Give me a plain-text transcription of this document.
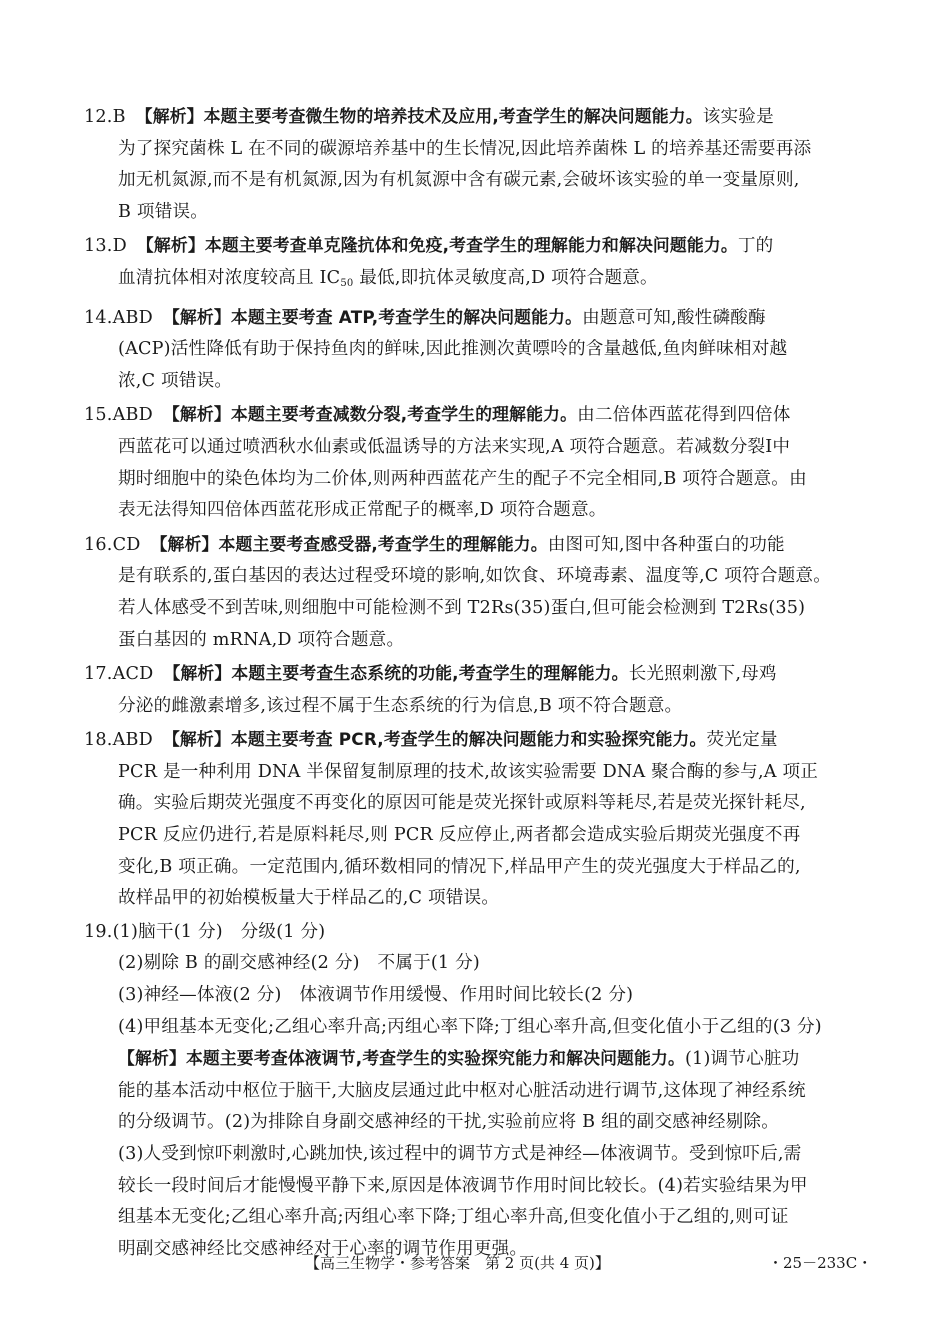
12.B 【解析】本题主要考查微生物的培养技术及应用,考查学生的解决问题能力。该实验是
为了探究菌株 L 在不同的碳源培养基中的生长情况,因此培养菌株 L 的培养基还需要再添
加无机氮源,而不是有机氮源,因为有机氮源中含有碳元素,会破坏该实验的单一变量原则,
B 项错误。
13.D 【解析】本题主要考查单克隆抗体和免疫,考查学生的理解能力和解决问题能力。丁的
血清抗体相对浓度较高且 $IC_{50}$ 最低,即抗体灵敏度高,D 项符合题意。
14.ABD 【解析】本题主要考查 ATP,考查学生的解决问题能力。由题意可知,酸性磷酸酶
(ACP)活性降低有助于保持鱼肉的鲜味,因此推测次黄嘌呤的含量越低,鱼肉鲜味相对越
浓,C 项错误。
15.ABD 【解析】本题主要考查减数分裂,考查学生的理解能力。由二倍体西蓝花得到四倍体
西蓝花可以通过喷洒秋水仙素或低温诱导的方法来实现,A 项符合题意。若减数分裂Ⅰ中
期时细胞中的染色体均为二价体,则两种西蓝花产生的配子不完全相同,B 项符合题意。由
表无法得知四倍体西蓝花形成正常配子的概率,D 项符合题意。
16.CD 【解析】本题主要考查感受器,考查学生的理解能力。由图可知,图中各种蛋白的功能
是有联系的,蛋白基因的表达过程受环境的影响,如饮食、环境毒素、温度等,C 项符合题意。
若人体感受不到苦味,则细胞中可能检测不到 T2Rs(35)蛋白,但可能会检测到 T2Rs(35)
蛋白基因的 mRNA,D 项符合题意。
17.ACD 【解析】本题主要考查生态系统的功能,考查学生的理解能力。长光照刺激下,母鸡
分泌的雌激素增多,该过程不属于生态系统的行为信息,B 项不符合题意。
18.ABD 【解析】本题主要考查 PCR,考查学生的解决问题能力和实验探究能力。荧光定量
PCR 是一种利用 DNA 半保留复制原理的技术,故该实验需要 DNA 聚合酶的参与,A 项正
确。实验后期荧光强度不再变化的原因可能是荧光探针或原料等耗尽,若是荧光探针耗尽,
PCR 反应仍进行,若是原料耗尽,则 PCR 反应停止,两者都会造成实验后期荧光强度不再
变化,B 项正确。一定范围内,循环数相同的情况下,样品甲产生的荧光强度大于样品乙的,
故样品甲的初始模板量大于样品乙的,C 项错误。
19.(1)脑干(1 分)　分级(1 分)
(2)剔除 B 的副交感神经(2 分)　不属于(1 分)
(3)神经—体液(2 分)　体液调节作用缓慢、作用时间比较长(2 分)
(4)甲组基本无变化;乙组心率升高;丙组心率下降;丁组心率升高,但变化值小于乙组的(3 分)
【解析】本题主要考查体液调节,考查学生的实验探究能力和解决问题能力。(1)调节心脏功
能的基本活动中枢位于脑干,大脑皮层通过此中枢对心脏活动进行调节,这体现了神经系统
的分级调节。(2)为排除自身副交感神经的干扰,实验前应将 B 组的副交感神经剔除。
(3)人受到惊吓刺激时,心跳加快,该过程中的调节方式是神经—体液调节。受到惊吓后,需
较长一段时间后才能慢慢平静下来,原因是体液调节作用时间比较长。(4)若实验结果为甲
组基本无变化;乙组心率升高;丙组心率下降;丁组心率升高,但变化值小于乙组的,则可证
明副交感神经比交感神经对于心率的调节作用更强。
【高三生物学・参考答案　第 2 页(共 4 页)】	・25－233C・
